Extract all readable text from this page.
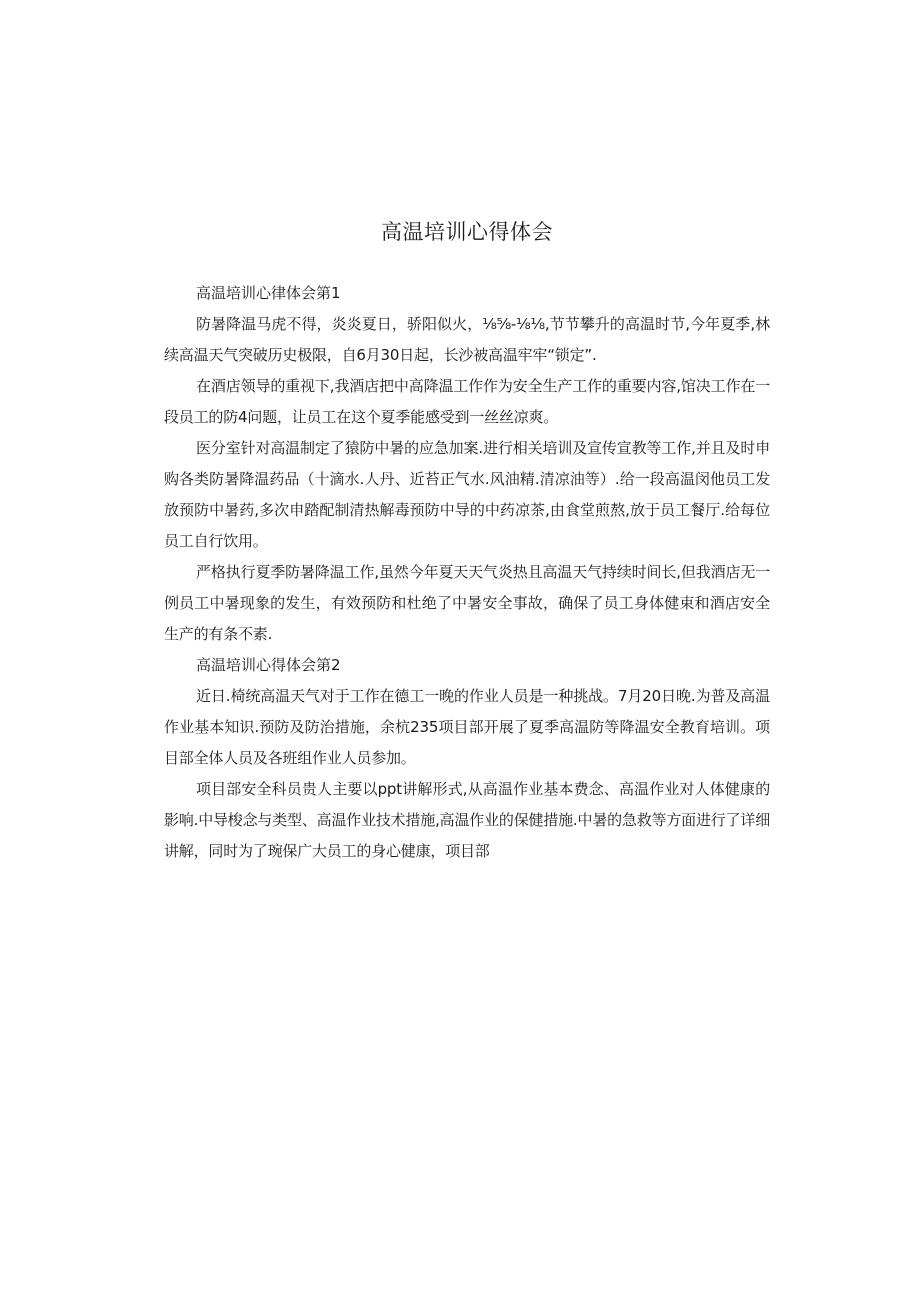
高温培训心得体会

高温培训心律体会第1

防暑降温马虎不得，炎炎夏日，骄阳似火，⅛⅝-⅛⅛,节节攀升的高温时节,今年夏季,林续高温天气突破历史极限，自6月30日起，长沙被高温牢牢“锁定”.

在酒店领导的重视下,我酒店把中高降温工作作为安全生产工作的重要内容,馆决工作在一段员工的防4问题，让员工在这个夏季能感受到一丝丝凉爽。

医分室针对高温制定了猿防中暑的应急加案.进行相关培训及宣传宣教等工作,并且及时申购各类防暑降温药品（十滴水.人丹、近苔正气水.风油精.清凉油等）.给一段高温闵他员工发放预防中暑药,多次申踏配制清热解毒预防中导的中药凉茶,由食堂煎熬,放于员工餐厅.给每位员工自行饮用。

严格执行夏季防暑降温工作,虽然今年夏天天气炎热且高温天气持续时间长,但我酒店无一例员工中暑现象的发生，有效预防和杜绝了中暑安全事故，确保了员工身体健束和酒店安全生产的有条不素.

高温培训心得体会第2

近日.椅统高温天气对于工作在德工一晚的作业人员是一种挑战。7月20日晚.为普及高温作业基本知识.预防及防治措施，余杭235项目部开展了夏季高温防等降温安全教育培训。项目部全体人员及各班组作业人员参加。

项目部安全科员贵人主要以ppt讲解形式,从高温作业基本费念、高温作业对人体健康的影响.中导梭念与类型、高温作业技术措施,高温作业的保健措施.中暑的急救等方面进行了详细讲解，同时为了琬保广大员工的身心健康，项目部
